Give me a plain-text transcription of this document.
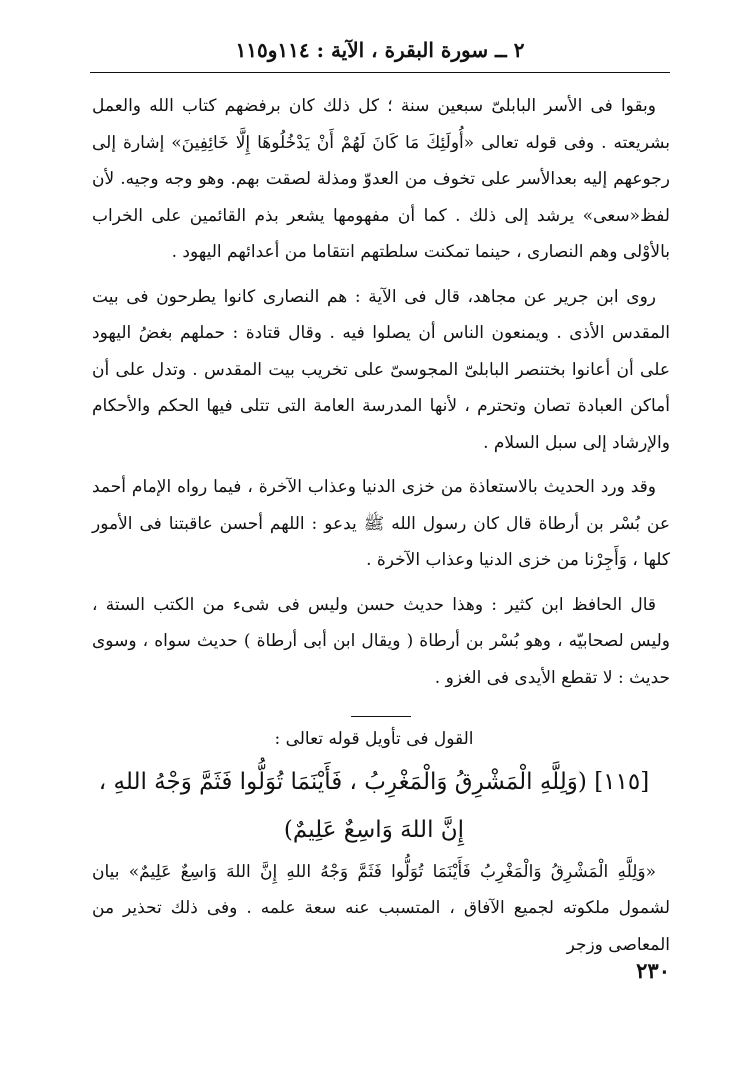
٢ ــ سورة البقرة ، الآية : ١١٤و١١٥

وبقوا فى الأسر البابلىّ سبعين سنة ؛ كل ذلك كان برفضهم كتاب الله والعمل بشريعته . وفى قوله تعالى «أُولَئِكَ مَا كَانَ لَهُمْ أَنْ يَدْخُلُوهَا إِلَّا خَائِفِينَ» إشارة إلى رجوعهم إليه بعدالأسر على تخوف من العدوّ ومذلة لصقت بهم. وهو وجه وجيه. لأن لفظ«سعى» يرشد إلى ذلك . كما أن مفهومها يشعر بذم القائمين على الخراب بالأوْلى وهم النصارى ، حينما تمكنت سلطتهم انتقاما من أعدائهم اليهود .

روى ابن جرير عن مجاهد، قال فى الآية : هم النصارى كانوا يطرحون فى بيت المقدس الأذى . ويمنعون الناس أن يصلوا فيه . وقال قتادة : حملهم بغضُ اليهود على أن أعانوا بختنصر البابلىّ المجوسىّ على تخريب بيت المقدس . وتدل على أن أماكن العبادة تصان وتحترم ، لأنها المدرسة العامة التى تتلى فيها الحكم والأحكام والإرشاد إلى سبل السلام .

وقد ورد الحديث بالاستعاذة من خزى الدنيا وعذاب الآخرة ، فيما رواه الإمام أحمد عن بُسْر بن أرطاة قال كان رسول الله ﷺ يدعو : اللهم أحسن عاقبتنا فى الأمور كلها ، وَأَجِرْنا من خزى الدنيا وعذاب الآخرة .

قال الحافظ ابن كثير : وهذا حديث حسن وليس فى شىء من الكتب الستة ، وليس لصحابيّه ، وهو بُسْر بن أرطاة ( ويقال ابن أبى أرطاة ) حديث سواه ، وسوى حديث : لا تقطع الأيدى فى الغزو .

القول فى تأويل قوله تعالى :

[١١٥] (وَلِلَّهِ الْمَشْرِقُ وَالْمَغْرِبُ ، فَأَيْنَمَا تُوَلُّوا فَثَمَّ وَجْهُ اللهِ ،

إِنَّ اللهَ وَاسِعٌ عَلِيمٌ)

«وَلِلَّهِ الْمَشْرِقُ وَالْمَغْرِبُ فَأَيْنَمَا تُوَلُّوا فَثَمَّ وَجْهُ اللهِ إِنَّ اللهَ وَاسِعٌ عَلِيمٌ» بيان لشمول ملكوته لجميع الآفاق ، المتسبب عنه سعة علمه . وفى ذلك تحذير من المعاصى وزجر

٢٣٠
